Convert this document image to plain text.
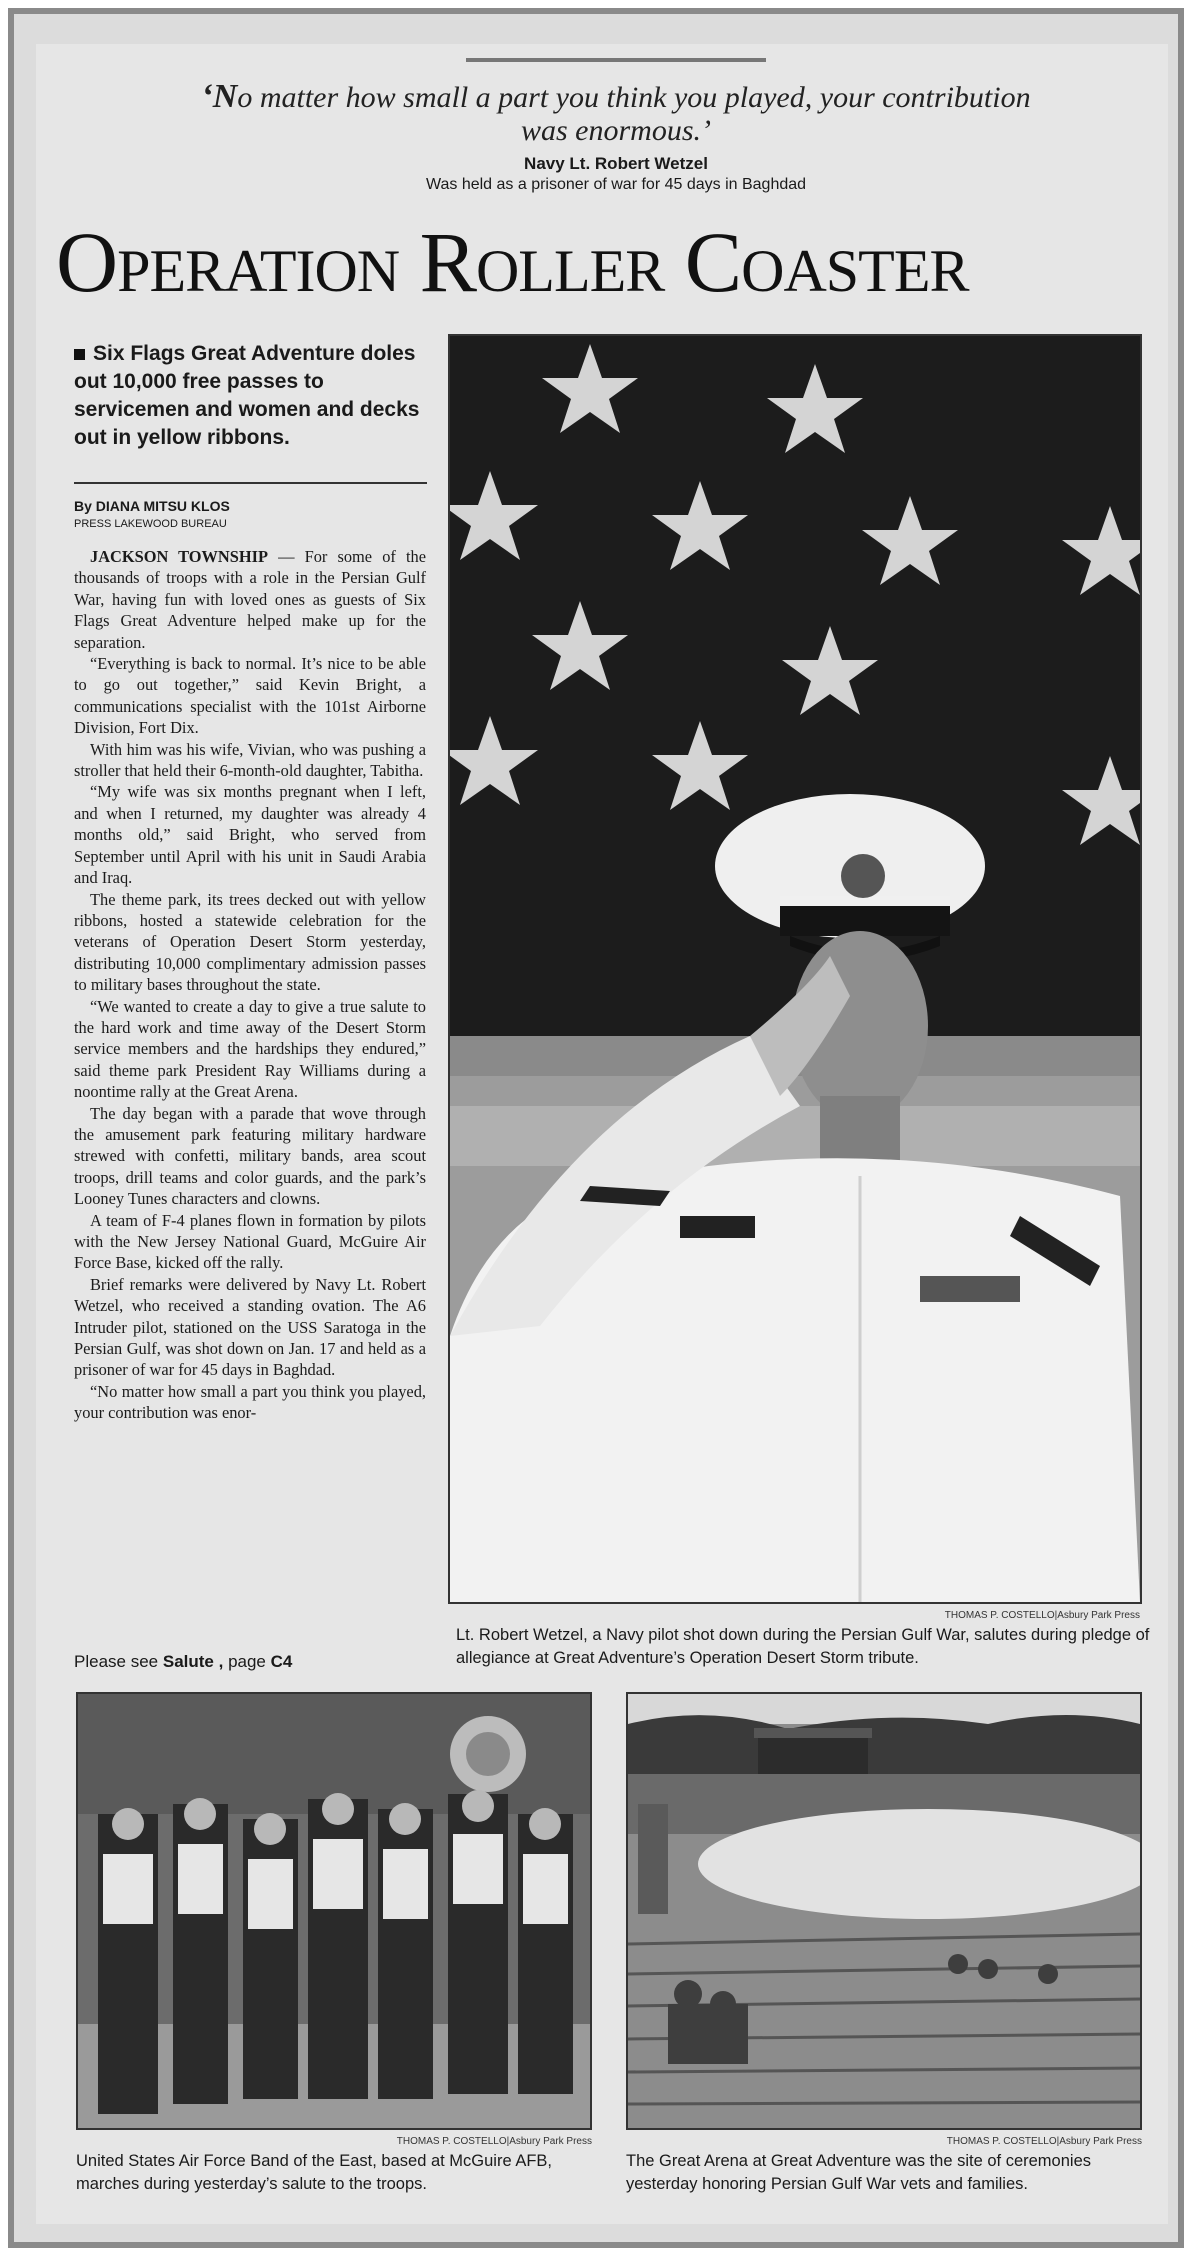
‘No matter how small a part you think you played, your contribution was enormous.’
Navy Lt. Robert Wetzel
Was held as a prisoner of war for 45 days in Baghdad
Operation Roller Coaster
Six Flags Great Adventure doles out 10,000 free passes to servicemen and women and decks out in yellow ribbons.
By DIANA MITSU KLOS
PRESS LAKEWOOD BUREAU

JACKSON TOWNSHIP — For some of the thousands of troops with a role in the Persian Gulf War, having fun with loved ones as guests of Six Flags Great Adventure helped make up for the separation.

“Everything is back to normal. It’s nice to be able to go out together,” said Kevin Bright, a communications specialist with the 101st Airborne Division, Fort Dix.

With him was his wife, Vivian, who was pushing a stroller that held their 6-month-old daughter, Tabitha.

“My wife was six months pregnant when I left, and when I returned, my daughter was already 4 months old,” said Bright, who served from September until April with his unit in Saudi Arabia and Iraq.

The theme park, its trees decked out with yellow ribbons, hosted a statewide celebration for the veterans of Operation Desert Storm yesterday, distributing 10,000 complimentary admission passes to military bases throughout the state.

“We wanted to create a day to give a true salute to the hard work and time away of the Desert Storm service members and the hardships they endured,” said theme park President Ray Williams during a noontime rally at the Great Arena.

The day began with a parade that wove through the amusement park featuring military hardware strewed with confetti, military bands, area scout troops, drill teams and color guards, and the park’s Looney Tunes characters and clowns.

A team of F-4 planes flown in formation by pilots with the New Jersey National Guard, McGuire Air Force Base, kicked off the rally.

Brief remarks were delivered by Navy Lt. Robert Wetzel, who received a standing ovation. The A6 Intruder pilot, stationed on the USS Saratoga in the Persian Gulf, was shot down on Jan. 17 and held as a prisoner of war for 45 days in Baghdad.

“No matter how small a part you think you played, your contribution was enor-

Please see Salute , page C4
THOMAS P. COSTELLO|Asbury Park Press
Lt. Robert Wetzel, a Navy pilot shot down during the Persian Gulf War, salutes during pledge of allegiance at Great Adventure’s Operation Desert Storm tribute.
THOMAS P. COSTELLO|Asbury Park Press
United States Air Force Band of the East, based at McGuire AFB, marches during yesterday’s salute to the troops.
THOMAS P. COSTELLO|Asbury Park Press
The Great Arena at Great Adventure was the site of ceremonies yesterday honoring Persian Gulf War vets and families.
